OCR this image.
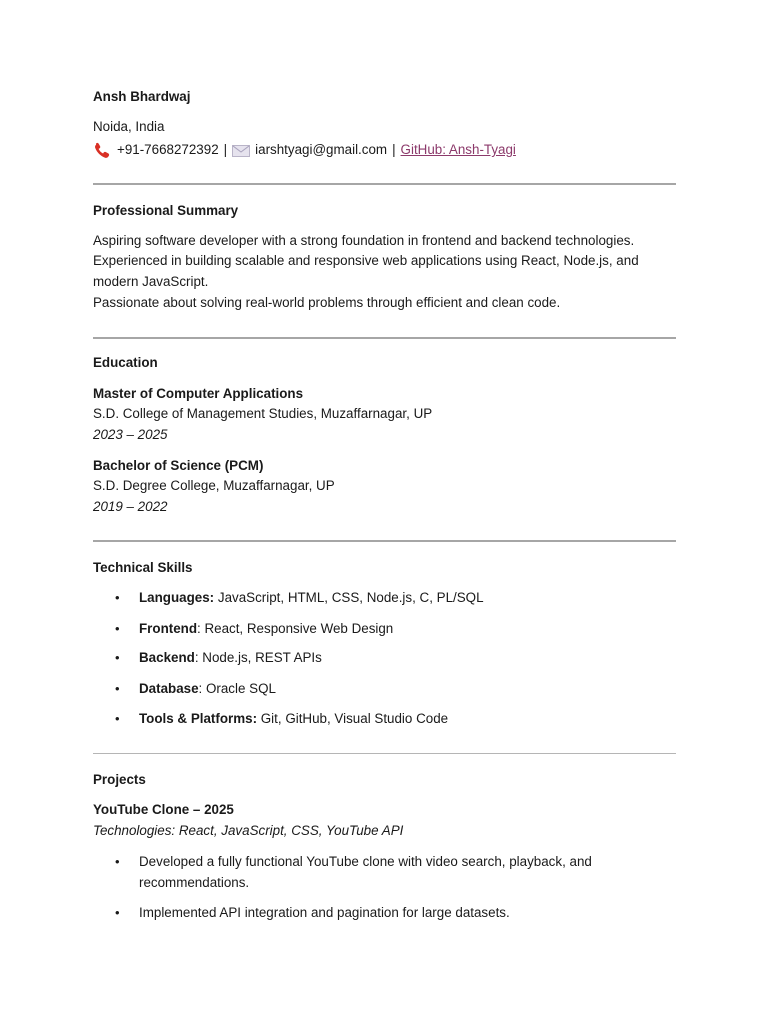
Ansh Bhardwaj
Noida, India
+91-7668272392 | iarshtyagi@gmail.com | GitHub: Ansh-Tyagi
Professional Summary
Aspiring software developer with a strong foundation in frontend and backend technologies.
Experienced in building scalable and responsive web applications using React, Node.js, and
modern JavaScript.
Passionate about solving real-world problems through efficient and clean code.
Education
Master of Computer Applications
S.D. College of Management Studies, Muzaffarnagar, UP
2023 – 2025
Bachelor of Science (PCM)
S.D. Degree College, Muzaffarnagar, UP
2019 – 2022
Technical Skills
• Languages: JavaScript, HTML, CSS, Node.js, C, PL/SQL
• Frontend: React, Responsive Web Design
• Backend: Node.js, REST APIs
• Database: Oracle SQL
• Tools & Platforms: Git, GitHub, Visual Studio Code
Projects
YouTube Clone – 2025
Technologies: React, JavaScript, CSS, YouTube API
• Developed a fully functional YouTube clone with video search, playback, and recommendations.
• Implemented API integration and pagination for large datasets.
